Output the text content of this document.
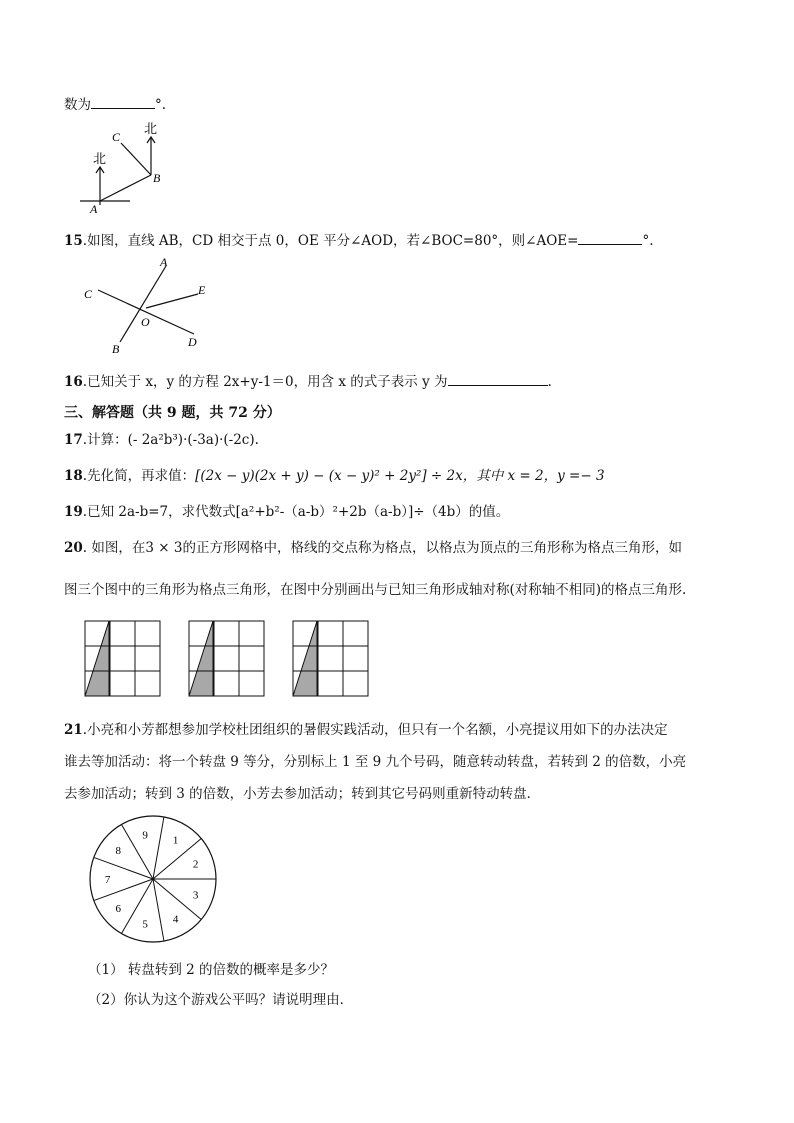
数为	°.
北
北
A
B
C
15.如图，直线 AB，CD 相交于点 0，OE 平分∠AOD，若∠BOC=80°，则∠AOE=	°.
A
B
C
D
E
O
16.已知关于 x，y 的方程 2x+y-1＝0，用含 x 的式子表示 y 为	.
三、解答题（共 9 题，共 72 分）
17.计算：(- 2a²b³)·(-3a)·(-2c).
18.先化简，再求值：[(2x − y)(2x + y) − (x − y)² + 2y²] ÷ 2x，其中 x = 2，y =− 3
19.已知 2a-b=7，求代数式[a²+b²-（a-b）²+2b（a-b）]÷（4b）的值。
20. 如图，在3 × 3的正方形网格中，格线的交点称为格点，以格点为顶点的三角形称为格点三角形，如
图三个图中的三角形为格点三角形，在图中分别画出与已知三角形成轴对称(对称轴不相同)的格点三角形.
21.小亮和小芳都想参加学校杜团组织的暑假实践活动，但只有一个名额，小亮提议用如下的办法决定
谁去等加活动：将一个转盘 9 等分，分别标上 1 至 9 九个号码，随意转动转盘，若转到 2 的倍数，小亮
去参加活动；转到 3 的倍数，小芳去参加活动；转到其它号码则重新特动转盘．
1
2
3
4
5
6
7
8
9
（1） 转盘转到 2 的倍数的概率是多少？
（2）你认为这个游戏公平吗？请说明理由．
